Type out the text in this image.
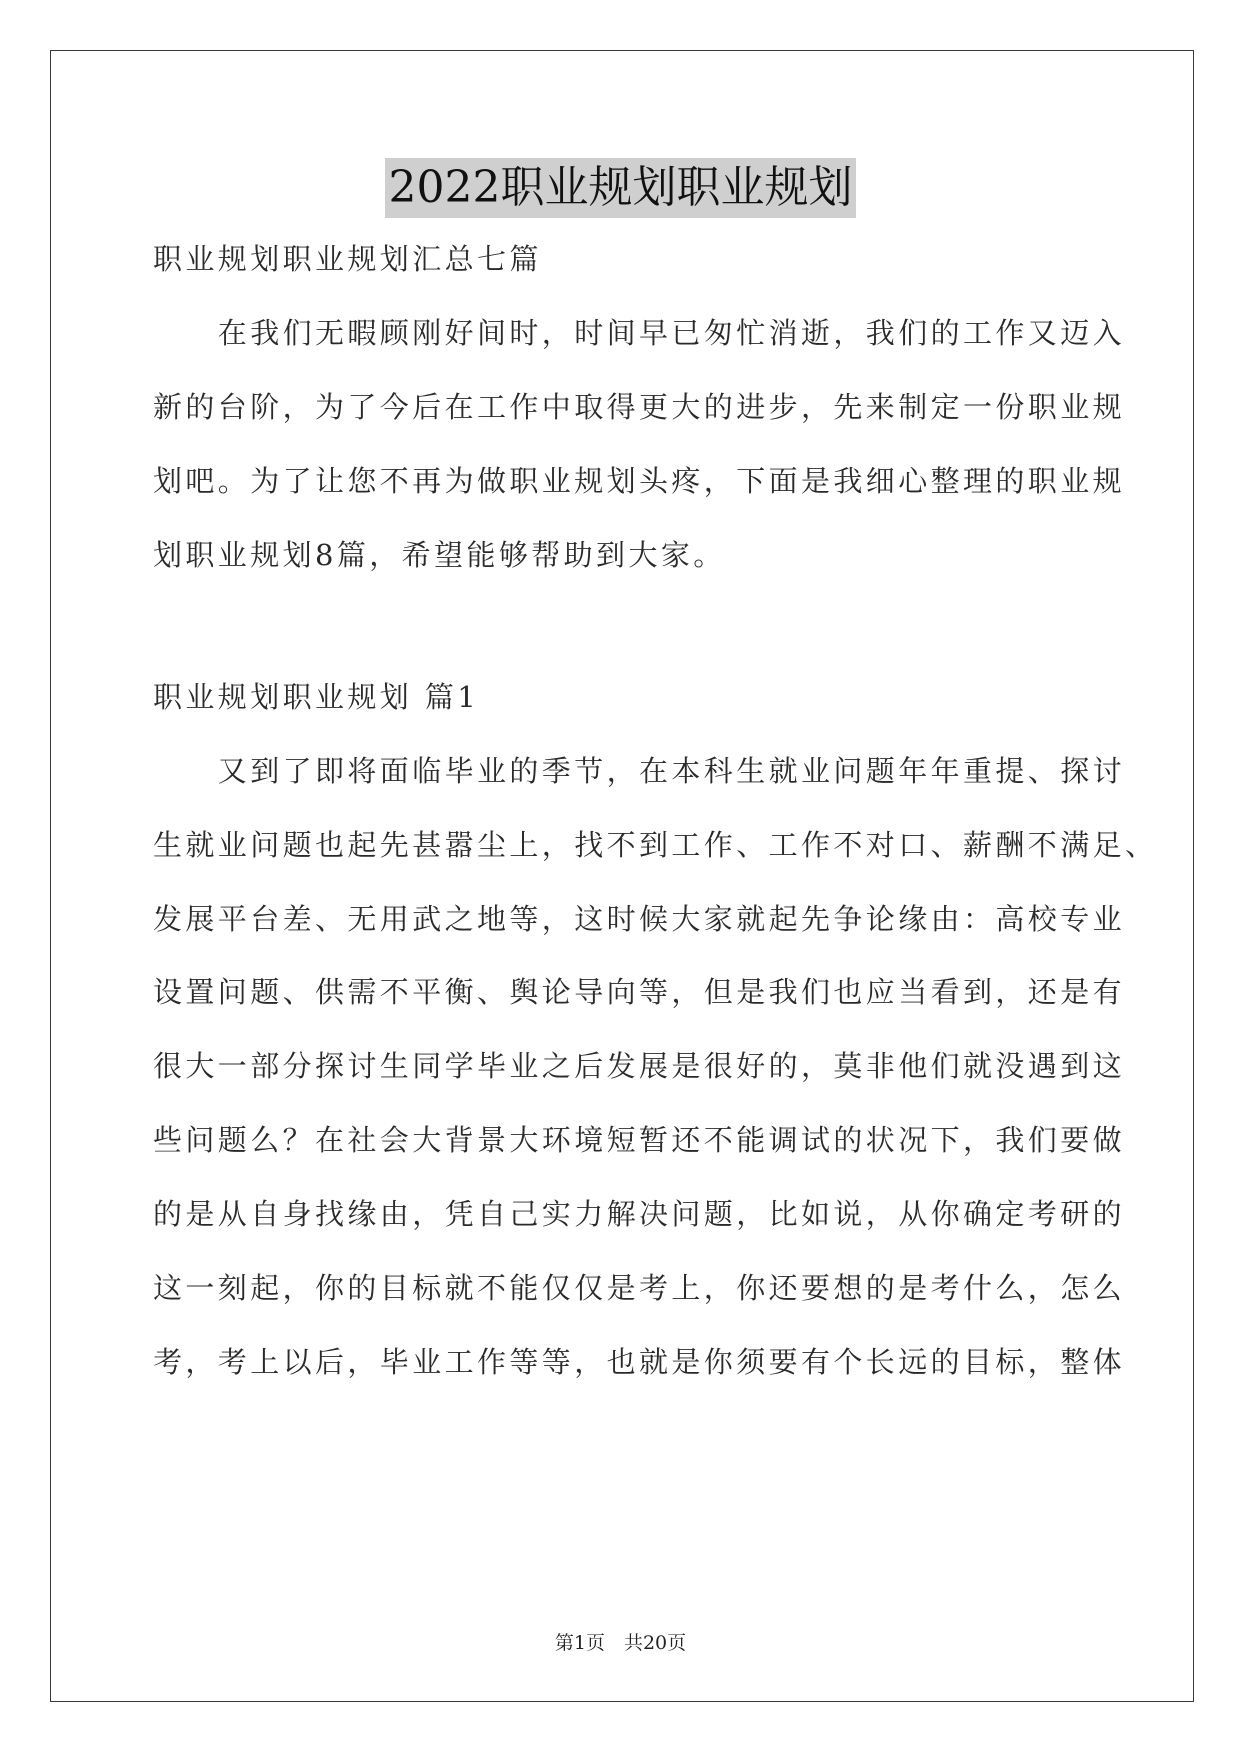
2022职业规划职业规划
职业规划职业规划汇总七篇
　　在我们无暇顾刚好间时，时间早已匆忙消逝，我们的工作又迈入
新的台阶，为了今后在工作中取得更大的进步，先来制定一份职业规
划吧。为了让您不再为做职业规划头疼，下面是我细心整理的职业规
划职业规划8篇，希望能够帮助到大家。
职业规划职业规划 篇1
　　又到了即将面临毕业的季节，在本科生就业问题年年重提、探讨
生就业问题也起先甚嚣尘上，找不到工作、工作不对口、薪酬不满足、
发展平台差、无用武之地等，这时候大家就起先争论缘由：高校专业
设置问题、供需不平衡、舆论导向等，但是我们也应当看到，还是有
很大一部分探讨生同学毕业之后发展是很好的，莫非他们就没遇到这
些问题么？在社会大背景大环境短暂还不能调试的状况下，我们要做
的是从自身找缘由，凭自己实力解决问题，比如说，从你确定考研的
这一刻起，你的目标就不能仅仅是考上，你还要想的是考什么，怎么
考，考上以后，毕业工作等等，也就是你须要有个长远的目标，整体
第1页　共20页
